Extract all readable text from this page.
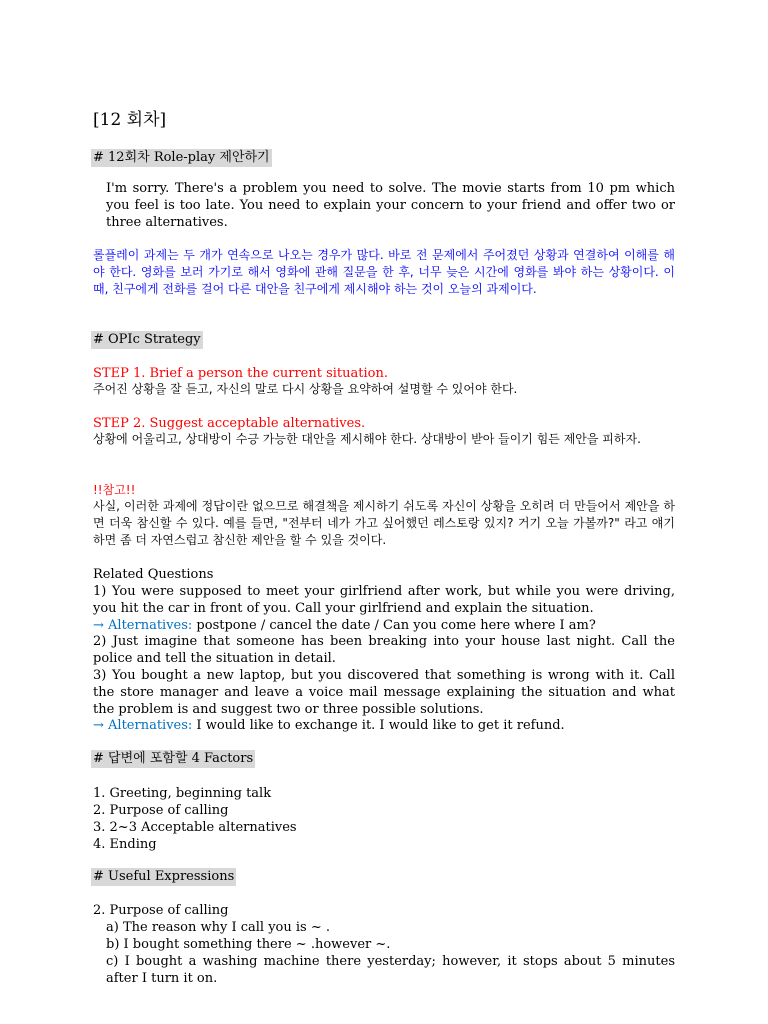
[12 회차]
# 12회차 Role-play 제안하기
I'm sorry. There's a problem you need to solve. The movie starts from 10 pm which you feel is too late. You need to explain your concern to your friend and offer two or three alternatives.
롤플레이 과제는 두 개가 연속으로 나오는 경우가 많다. 바로 전 문제에서 주어졌던 상황과 연결하여 이해를 해야 한다. 영화를 보러 가기로 해서 영화에 관해 질문을 한 후, 너무 늦은 시간에 영화를 봐야 하는 상황이다. 이 때, 친구에게 전화를 걸어 다른 대안을 친구에게 제시해야 하는 것이 오늘의 과제이다.
# OPIc Strategy
STEP 1. Brief a person the current situation.
주어진 상황을 잘 듣고, 자신의 말로 다시 상황을 요약하여 설명할 수 있어야 한다.
STEP 2. Suggest acceptable alternatives.
상황에 어울리고, 상대방이 수긍 가능한 대안을 제시해야 한다. 상대방이 받아 들이기 힘든 제안을 피하자.
!!참고!!
사실, 이러한 과제에 정답이란 없으므로 해결책을 제시하기 쉬도록 자신이 상황을 오히려 더 만들어서 제안을 하면 더욱 참신할 수 있다. 예를 들면, "전부터 네가 가고 싶어했던 레스토랑 있지? 거기 오늘 가볼까?" 라고 얘기하면 좀 더 자연스럽고 참신한 제안을 할 수 있을 것이다.
Related Questions
1) You were supposed to meet your girlfriend after work, but while you were driving, you hit the car in front of you. Call your girlfriend and explain the situation.
→ Alternatives: postpone / cancel the date / Can you come here where I am?
2) Just imagine that someone has been breaking into your house last night. Call the police and tell the situation in detail.
3) You bought a new laptop, but you discovered that something is wrong with it. Call the store manager and leave a voice mail message explaining the situation and what the problem is and suggest two or three possible solutions.
→ Alternatives: I would like to exchange it. I would like to get it refund.
# 답변에 포함할 4 Factors
1. Greeting, beginning talk
2. Purpose of calling
3. 2~3 Acceptable alternatives
4. Ending
# Useful Expressions
2. Purpose of calling
a) The reason why I call you is ~ .
b) I bought something there ~ .however ~.
c) I bought a washing machine there yesterday; however, it stops about 5 minutes after I turn it on.
